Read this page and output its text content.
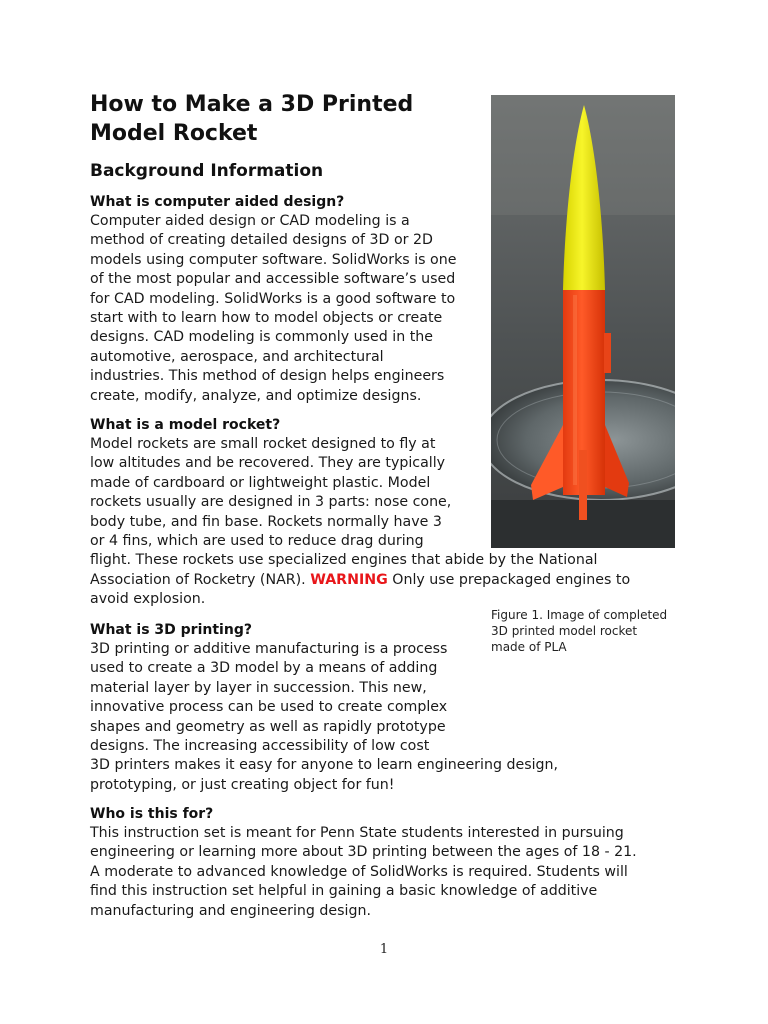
How to Make a 3D Printed
Model Rocket
Background Information
What is computer aided design?
Computer aided design or CAD modeling is a
method of creating detailed designs of 3D or 2D
models using computer software. SolidWorks is one
of the most popular and accessible software’s used
for CAD modeling. SolidWorks is a good software to
start with to learn how to model objects or create
designs. CAD modeling is commonly used in the
automotive, aerospace, and architectural
industries. This method of design helps engineers
create, modify, analyze, and optimize designs.
What is a model rocket?
Model rockets are small rocket designed to fly at
low altitudes and be recovered. They are typically
made of cardboard or lightweight plastic. Model
rockets usually are designed in 3 parts: nose cone,
body tube, and fin base. Rockets normally have 3
or 4 fins, which are used to reduce drag during
flight. These rockets use specialized engines that abide by the National
Association of Rocketry (NAR). WARNING Only use prepackaged engines to
avoid explosion.
What is 3D printing?
3D printing or additive manufacturing is a process
used to create a 3D model by a means of adding
material layer by layer in succession. This new,
innovative process can be used to create complex
shapes and geometry as well as rapidly prototype
designs. The increasing accessibility of low cost
3D printers makes it easy for anyone to learn engineering design,
prototyping, or just creating object for fun!
Who is this for?
This instruction set is meant for Penn State students interested in pursuing
engineering or learning more about 3D printing between the ages of 18 - 21.
A moderate to advanced knowledge of SolidWorks is required. Students will
find this instruction set helpful in gaining a basic knowledge of additive
manufacturing and engineering design.
Figure 1. Image of completed
3D printed model rocket
made of PLA
1
